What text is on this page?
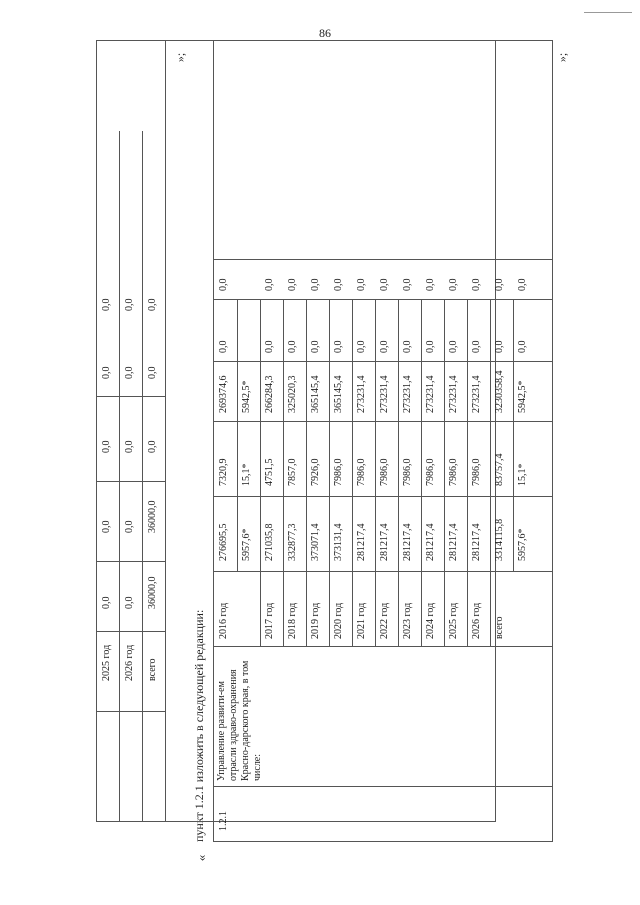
86
»;	»;
«
пункт 1.2.1 изложить в следующей редакции:
2025 год 2026 год всего
0,0
0,0
0,0
0,0
0,0
0,0
0,0
0,0
0,0
0,0
36000,0
36000,0
0,0
0,0
0,0
1.2.1
Управление развити-ем отрасли здраво-охранения Красно-дарского края, в том числе:
2016 год
276695,5
7320,9
269374,6
0,0
0,0
5957,6*
15,1*
5942,5*
2017 год
271035,8
4751,5
266284,3
0,0
0,0
2018 год
332877,3
7857,0
325020,3
0,0
0,0
2019 год
373071,4
7926,0
365145,4
0,0
0,0
2020 год
373131,4
7986,0
365145,4
0,0
0,0
2021 год
281217,4
7986,0
273231,4
0,0
0,0
2022 год
281217,4
7986,0
273231,4
0,0
0,0
2023 год
281217,4
7986,0
273231,4
0,0
0,0
2024 год
281217,4
7986,0
273231,4
0,0
0,0
2025 год
281217,4
7986,0
273231,4
0,0
0,0
2026 год
281217,4
7986,0
273231,4
0,0
0,0
всего
3314115,8
83757,4
3230358,4
0,0
0,0
5957,6*
15,1*
5942,5*
0,0
0,0
